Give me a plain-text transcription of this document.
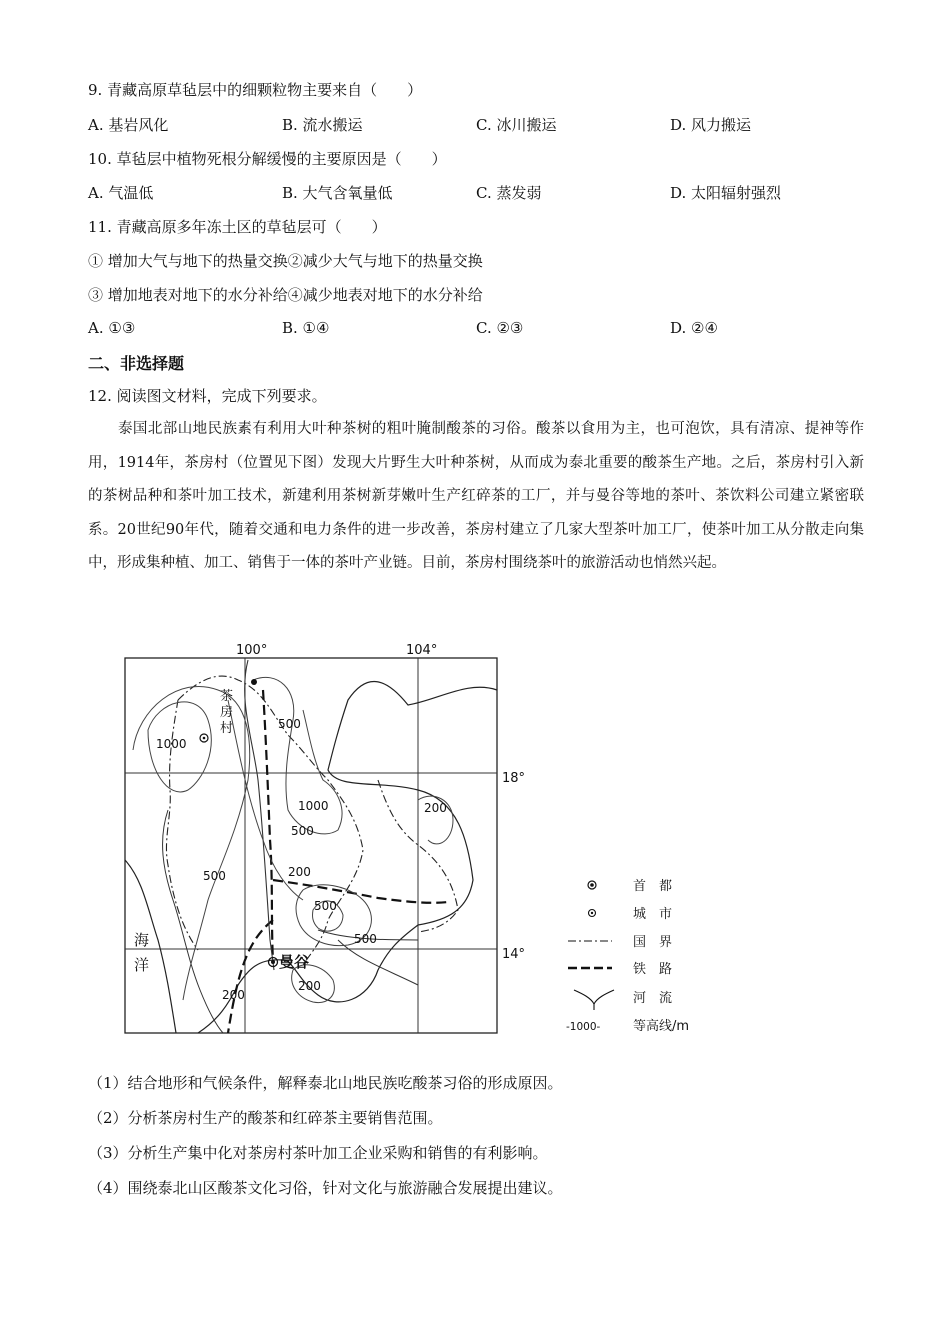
9. 青藏高原草毡层中的细颗粒物主要来自（　　）
A. 基岩风化	B. 流水搬运	C. 冰川搬运	D. 风力搬运
10. 草毡层中植物死根分解缓慢的主要原因是（　　）
A. 气温低	B. 大气含氧量低	C. 蒸发弱	D. 太阳辐射强烈
11. 青藏高原多年冻土区的草毡层可（　　）
① 增加大气与地下的热量交换②减少大气与地下的热量交换
③ 增加地表对地下的水分补给④减少地表对地下的水分补给
A. ①③	B. ①④	C. ②③	D. ②④
二、非选择题
12. 阅读图文材料，完成下列要求。
泰国北部山地民族素有利用大叶种茶树的粗叶腌制酸茶的习俗。酸茶以食用为主，也可泡饮，具有清凉、提神等作用，1914年，茶房村（位置见下图）发现大片野生大叶种茶树，从而成为泰北重要的酸茶生产地。之后，茶房村引入新的茶树品种和茶叶加工技术，新建利用茶树新芽嫩叶生产红碎茶的工厂，并与曼谷等地的茶叶、茶饮料公司建立紧密联系。20世纪90年代，随着交通和电力条件的进一步改善，茶房村建立了几家大型茶叶加工厂，使茶叶加工从分散走向集中，形成集种植、加工、销售于一体的茶叶产业链。目前，茶房村围绕茶叶的旅游活动也悄然兴起。
100°	104°
18°
14°
茶
房
村
曼谷
海
洋
500
1000
1000
500
200
500
200
500
500
200
200
首　都
城　市
国　界
铁　路
河　流
-1000-	等高线/m
（1）结合地形和气候条件，解释泰北山地民族吃酸茶习俗的形成原因。
（2）分析茶房村生产的酸茶和红碎茶主要销售范围。
（3）分析生产集中化对茶房村茶叶加工企业采购和销售的有利影响。
（4）围绕泰北山区酸茶文化习俗，针对文化与旅游融合发展提出建议。
